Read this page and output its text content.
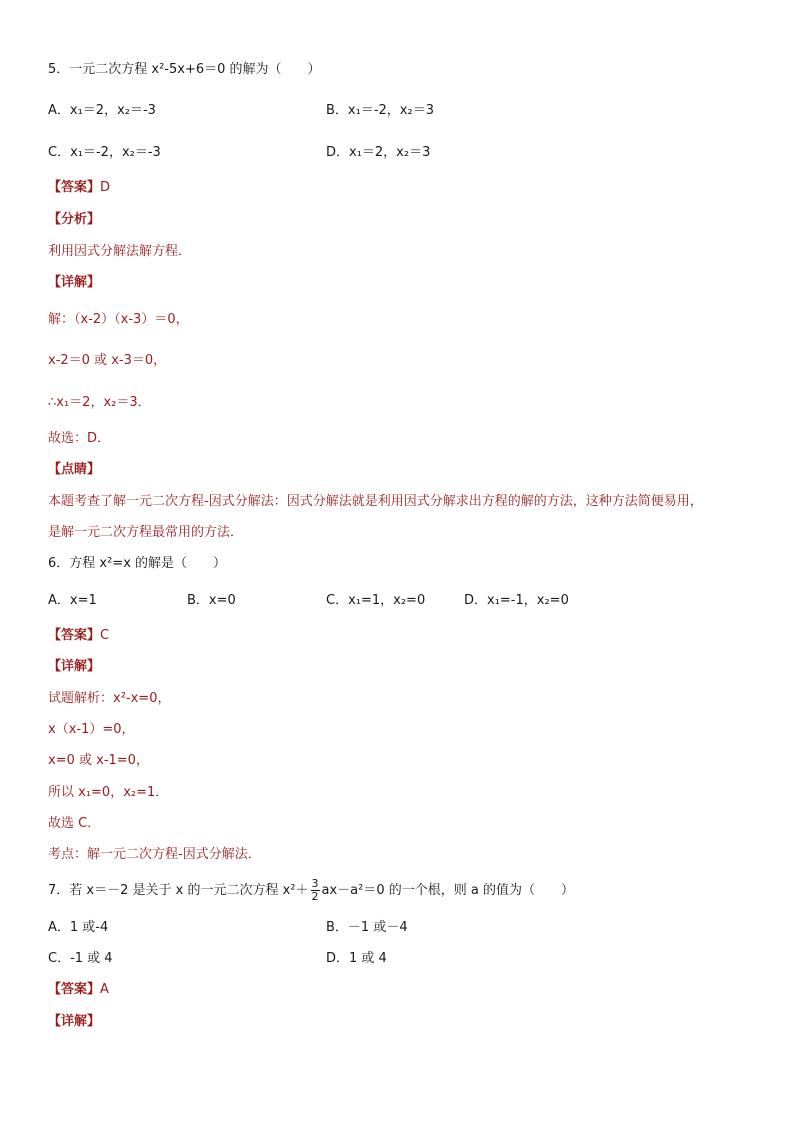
5．一元二次方程 x²-5x+6＝0 的解为（　　）
A．x₁＝2，x₂＝-3	B．x₁＝-2，x₂＝3
C．x₁＝-2，x₂＝-3	D．x₁＝2，x₂＝3
【答案】D
【分析】
利用因式分解法解方程．
【详解】
解：（x-2）（x-3）＝0，
x-2＝0 或 x-3＝0，
∴x₁＝2，x₂＝3．
故选：D．
【点睛】
本题考查了解一元二次方程-因式分解法：因式分解法就是利用因式分解求出方程的解的方法，这种方法简便易用，
是解一元二次方程最常用的方法．
6．方程 x²=x 的解是（　　）
A．x=1	B．x=0	C．x₁=1，x₂=0	D．x₁=-1，x₂=0
【答案】C
【详解】
试题解析：x²-x=0，
x（x-1）=0，
x=0 或 x-1=0，
所以 x₁=0，x₂=1．
故选 C．
考点：解一元二次方程-因式分解法．
7．若 x＝－2 是关于 x 的一元二次方程 $x^2+ \frac{3}{2} ax-a^2=0$ 的一个根，则 a 的值为（　　）
A．1 或-4	B．－1 或－4
C．-1 或 4	D．1 或 4
【答案】A
【详解】
